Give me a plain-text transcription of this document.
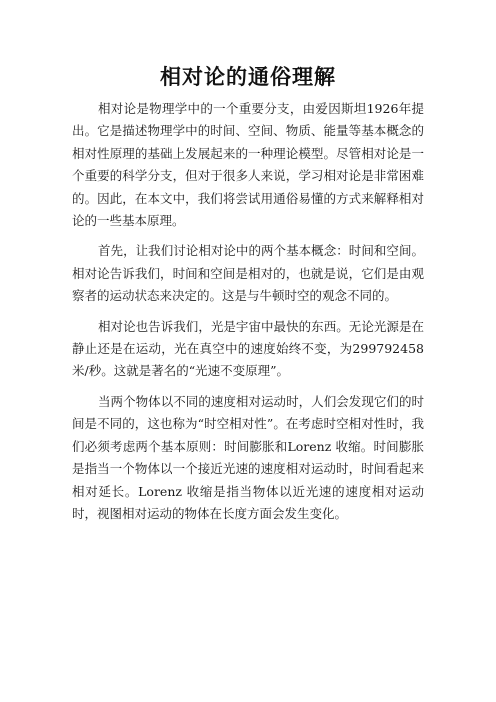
相对论的通俗理解

相对论是物理学中的一个重要分支，由爱因斯坦1926年提出。它是描述物理学中的时间、空间、物质、能量等基本概念的相对性原理的基础上发展起来的一种理论模型。尽管相对论是一个重要的科学分支，但对于很多人来说，学习相对论是非常困难的。因此，在本文中，我们将尝试用通俗易懂的方式来解释相对论的一些基本原理。

首先，让我们讨论相对论中的两个基本概念：时间和空间。相对论告诉我们，时间和空间是相对的，也就是说，它们是由观察者的运动状态来决定的。这是与牛顿时空的观念不同的。

相对论也告诉我们，光是宇宙中最快的东西。无论光源是在静止还是在运动，光在真空中的速度始终不变，为299792458米/秒。这就是著名的“光速不变原理”。

当两个物体以不同的速度相对运动时，人们会发现它们的时间是不同的，这也称为“时空相对性”。在考虑时空相对性时，我们必须考虑两个基本原则：时间膨胀和Lorenz 收缩。时间膨胀是指当一个物体以一个接近光速的速度相对运动时，时间看起来相对延长。Lorenz 收缩是指当物体以近光速的速度相对运动时，视图相对运动的物体在长度方面会发生变化。
